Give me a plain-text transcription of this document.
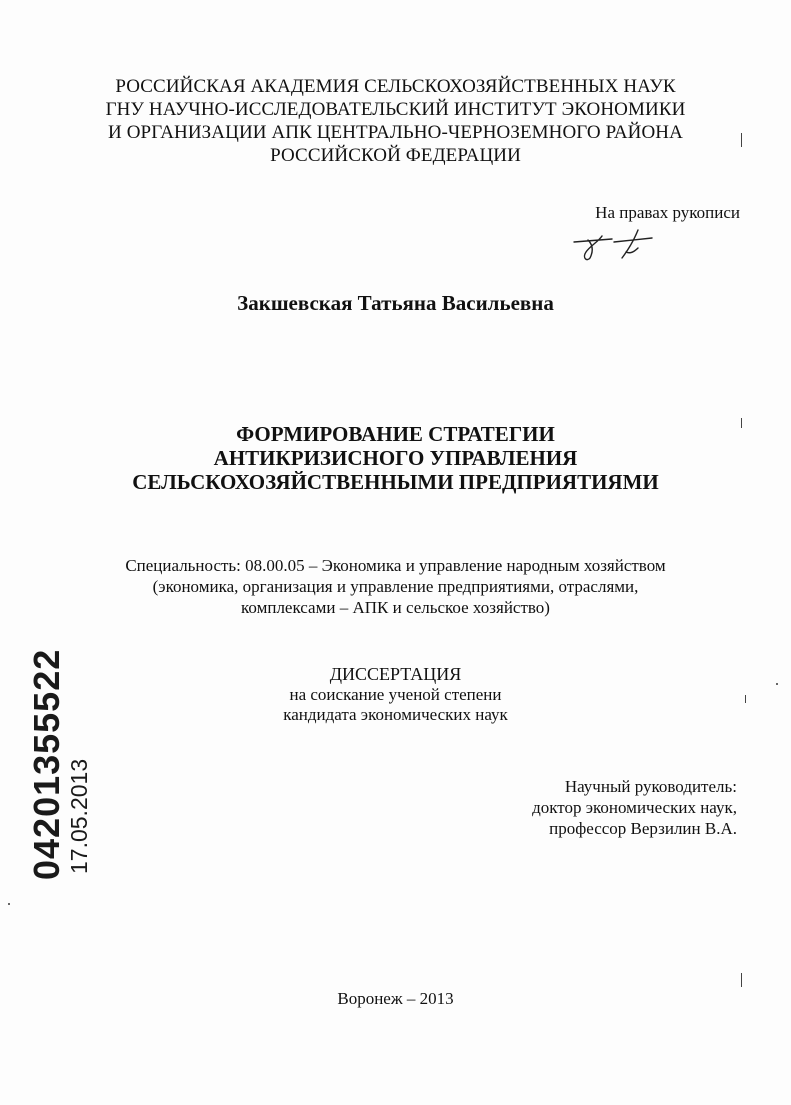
РОССИЙСКАЯ АКАДЕМИЯ СЕЛЬСКОХОЗЯЙСТВЕННЫХ НАУК
ГНУ НАУЧНО-ИССЛЕДОВАТЕЛЬСКИЙ ИНСТИТУТ ЭКОНОМИКИ
И ОРГАНИЗАЦИИ АПК ЦЕНТРАЛЬНО-ЧЕРНОЗЕМНОГО РАЙОНА
РОССИЙСКОЙ ФЕДЕРАЦИИ
На правах рукописи
Закшевская Татьяна Васильевна
ФОРМИРОВАНИЕ СТРАТЕГИИ
АНТИКРИЗИСНОГО УПРАВЛЕНИЯ
СЕЛЬСКОХОЗЯЙСТВЕННЫМИ ПРЕДПРИЯТИЯМИ
Специальность: 08.00.05 – Экономика и управление народным хозяйством
(экономика, организация и управление предприятиями, отраслями,
комплексами – АПК и сельское хозяйство)
ДИССЕРТАЦИЯ
на соискание ученой степени
кандидата экономических наук
Научный руководитель:
доктор экономических наук,
профессор Верзилин В.А.
Воронеж – 2013
04201355522 17.05.2013
